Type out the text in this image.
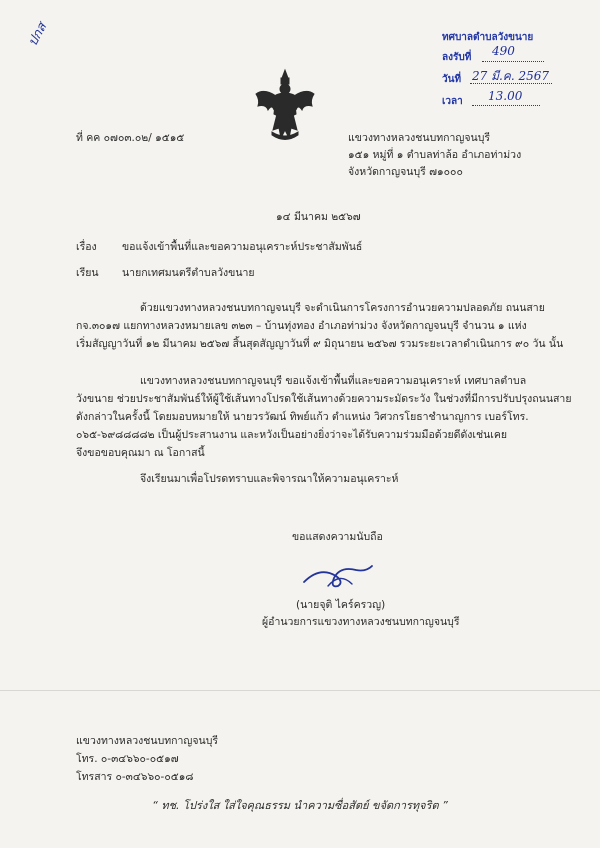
ปกส	ทศบาลตำบลวังขนาย
ลงรับที่ 490
วันที่ 27 มี.ค. 2567
เวลา 13.00
ที่ คค ๐๗๐๓.๐๒/ ๑๕๑๕	แขวงทางหลวงชนบทกาญจนบุรี
๑๕๑ หมู่ที่ ๑ ตำบลท่าล้อ อำเภอท่าม่วง
จังหวัดกาญจนบุรี ๗๑๐๐๐
๑๔ มีนาคม ๒๕๖๗
เรื่อง ขอแจ้งเข้าพื้นที่และขอความอนุเคราะห์ประชาสัมพันธ์
เรียน นายกเทศมนตรีตำบลวังขนาย
ด้วยแขวงทางหลวงชนบทกาญจนบุรี จะดำเนินการโครงการอำนวยความปลอดภัย ถนนสาย
กจ.๓๐๑๗ แยกทางหลวงหมายเลข ๓๒๓ – บ้านทุ่งทอง อำเภอท่าม่วง จังหวัดกาญจนบุรี จำนวน ๑ แห่ง
เริ่มสัญญาวันที่ ๑๒ มีนาคม ๒๕๖๗ สิ้นสุดสัญญาวันที่ ๙ มิถุนายน ๒๕๖๗ รวมระยะเวลาดำเนินการ ๙๐ วัน นั้น
แขวงทางหลวงชนบทกาญจนบุรี ขอแจ้งเข้าพื้นที่และขอความอนุเคราะห์ เทศบาลตำบล
วังขนาย ช่วยประชาสัมพันธ์ให้ผู้ใช้เส้นทางโปรดใช้เส้นทางด้วยความระมัดระวัง ในช่วงที่มีการปรับปรุงถนนสาย
ดังกล่าวในครั้งนี้ โดยมอบหมายให้ นายวรวัฒน์ ทิพย์แก้ว ตำแหน่ง วิศวกรโยธาชำนาญการ เบอร์โทร.
๐๖๕-๖๙๘๘๘๘๒ เป็นผู้ประสานงาน และหวังเป็นอย่างยิ่งว่าจะได้รับความร่วมมือด้วยดีดังเช่นเคย
จึงขอขอบคุณมา ณ โอกาสนี้
จึงเรียนมาเพื่อโปรดทราบและพิจารณาให้ความอนุเคราะห์
ขอแสดงความนับถือ
(นายจุติ ไคร์ครวญ)
ผู้อำนวยการแขวงทางหลวงชนบทกาญจนบุรี
แขวงทางหลวงชนบทกาญจนบุรี
โทร. ๐-๓๔๖๖๐-๐๕๑๗
โทรสาร ๐-๓๔๖๖๐-๐๕๑๘
“ ทช. โปร่งใส ใส่ใจคุณธรรม นำความซื่อสัตย์ ขจัดการทุจริต ”
